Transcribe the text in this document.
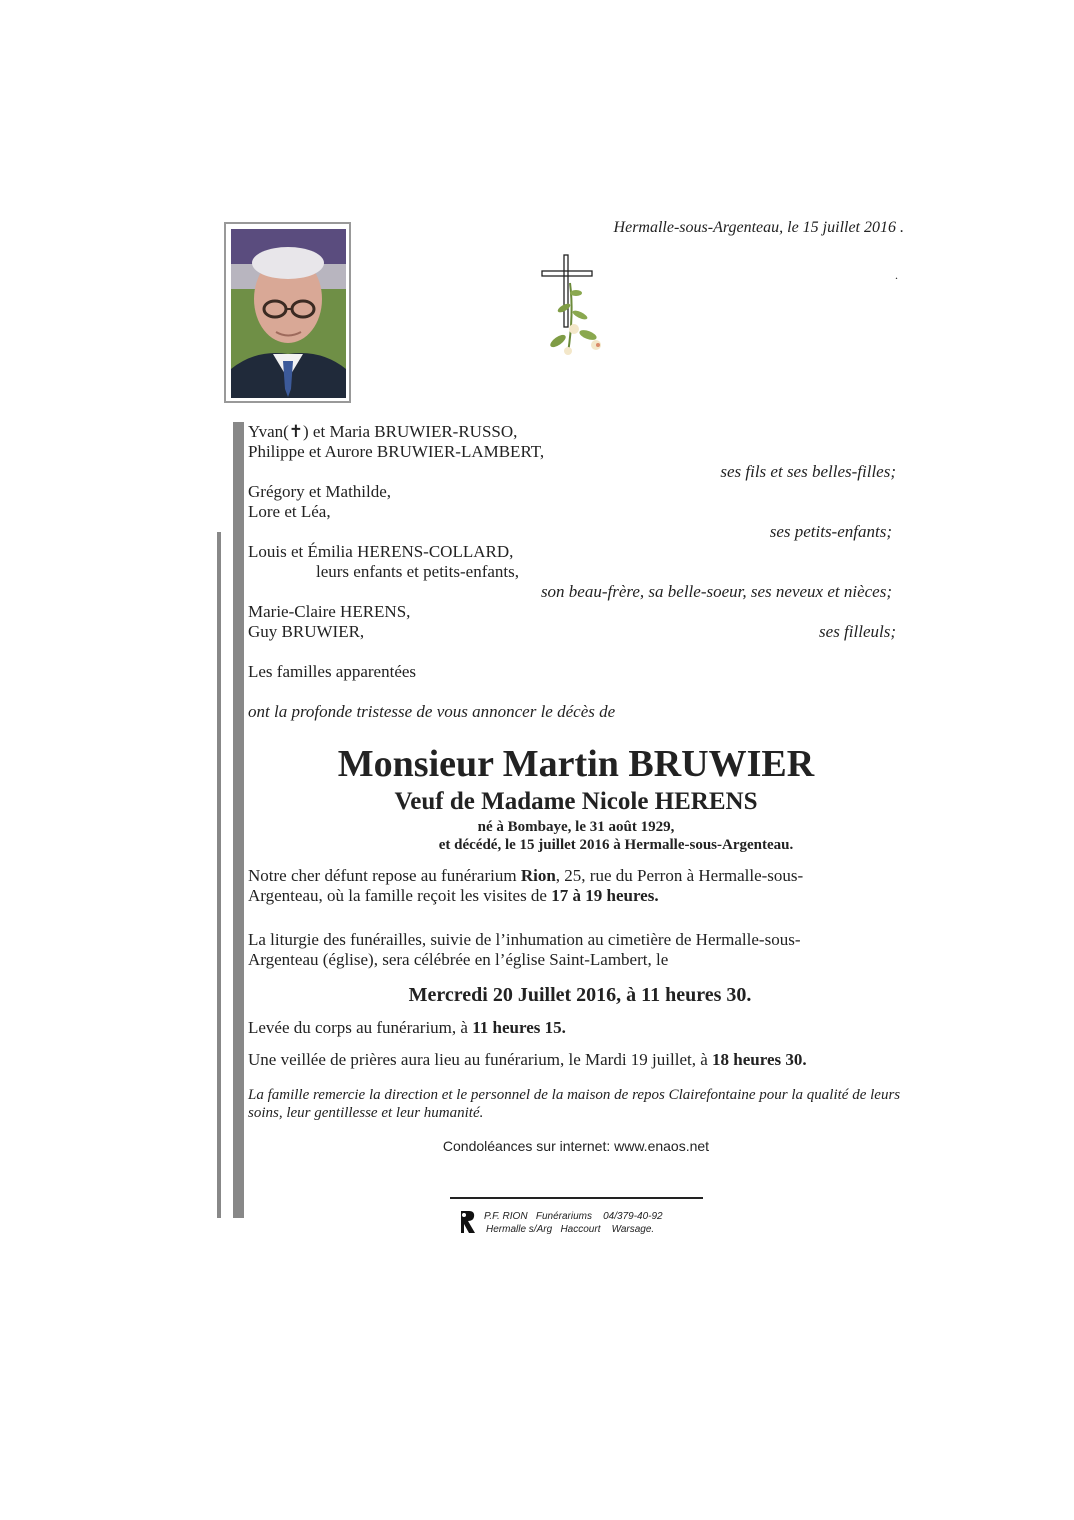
Hermalle-sous-Argenteau, le 15 juillet 2016 .
.
Yvan(✝) et Maria BRUWIER-RUSSO,
Philippe et Aurore BRUWIER-LAMBERT,
ses fils et ses belles-filles;
Grégory et Mathilde,
Lore et Léa,
ses petits-enfants;
Louis et Émilia HERENS-COLLARD,
leurs enfants et petits-enfants,
son beau-frère, sa belle-soeur, ses neveux et nièces;
Marie-Claire HERENS,
Guy BRUWIER,	ses filleuls;
Les familles apparentées
ont la profonde tristesse de vous annoncer le décès de
Monsieur Martin BRUWIER
Veuf de Madame Nicole HERENS
né à Bombaye, le 31 août 1929,
et décédé, le 15 juillet 2016 à Hermalle-sous-Argenteau.
Notre cher défunt repose au funérarium Rion, 25, rue du Perron à Hermalle-sous-
Argenteau, où la famille reçoit les visites de 17 à 19 heures.
La liturgie des funérailles, suivie de l’inhumation au cimetière de Hermalle-sous-
Argenteau (église), sera célébrée en l’église Saint-Lambert, le
Mercredi 20 Juillet 2016, à 11 heures 30.
Levée du corps au funérarium, à 11 heures 15.
Une veillée de prières aura lieu au funérarium, le Mardi 19 juillet, à 18 heures 30.
La famille remercie la direction et le personnel de la maison de repos Clairefontaine pour la qualité de leurs soins, leur gentillesse et leur humanité.
Condoléances sur internet: www.enaos.net
P.F. RION   Funérariums    04/379-40-92
Hermalle s/Arg   Haccourt    Warsage.
